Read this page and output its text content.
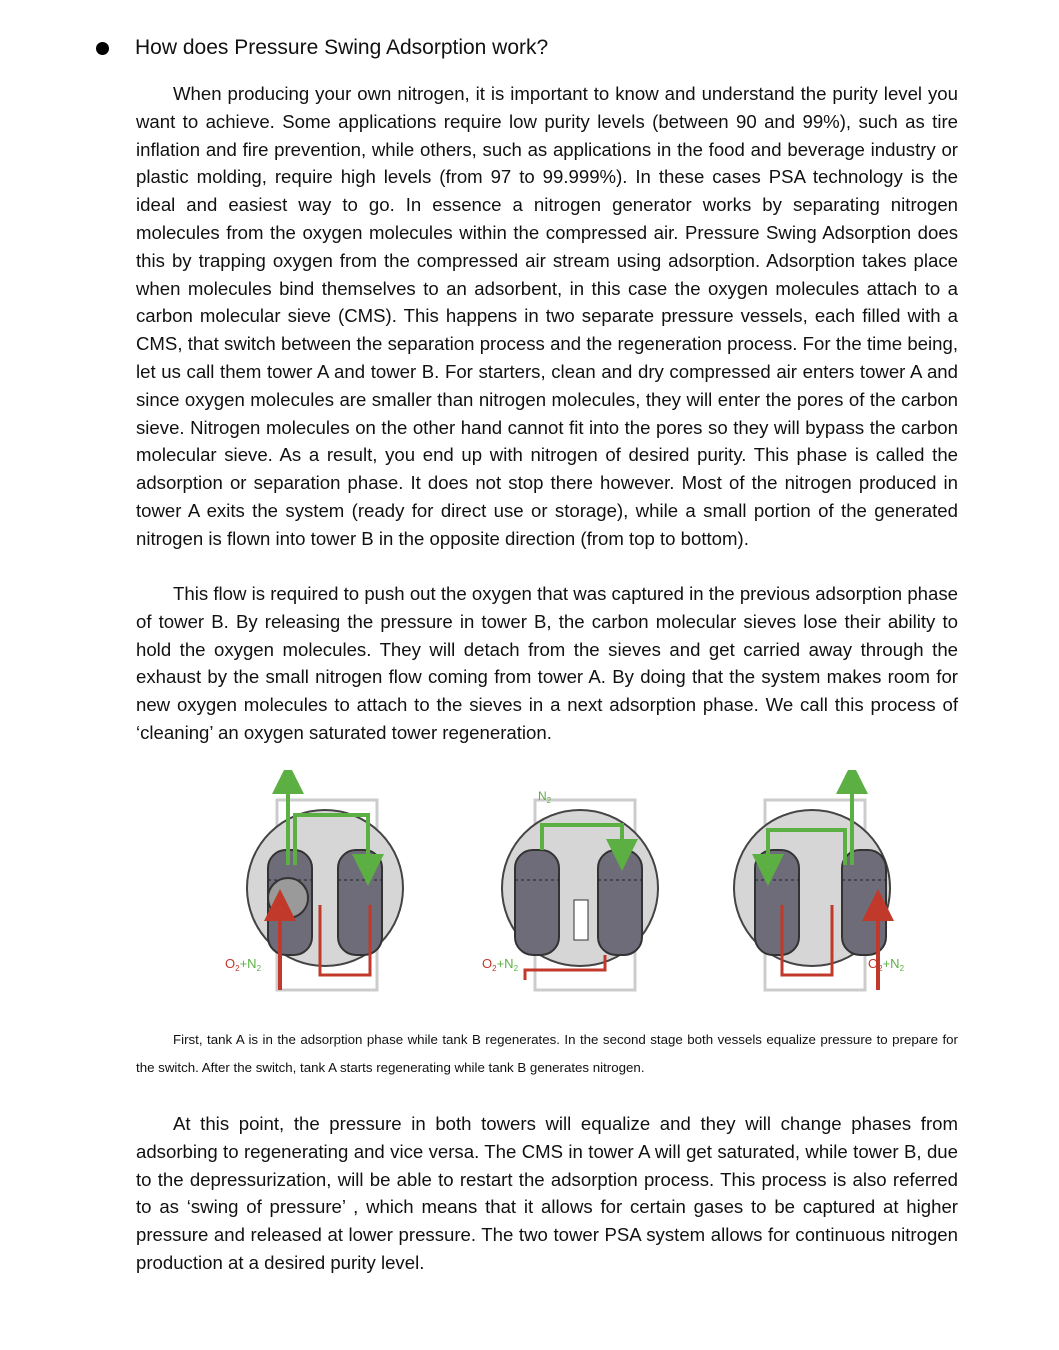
How does Pressure Swing Adsorption work?

When producing your own nitrogen, it is important to know and understand the purity level you want to achieve. Some applications require low purity levels (between 90 and 99%), such as tire inflation and fire prevention, while others, such as applications in the food and beverage industry or plastic molding, require high levels (from 97 to 99.999%). In these cases PSA technology is the ideal and easiest way to go. In essence a nitrogen generator works by separating nitrogen molecules from the oxygen molecules within the compressed air. Pressure Swing Adsorption does this by trapping oxygen from the compressed air stream using adsorption. Adsorption takes place when molecules bind themselves to an adsorbent, in this case the oxygen molecules attach to a carbon molecular sieve (CMS). This happens in two separate pressure vessels, each filled with a CMS, that switch between the separation process and the regeneration process. For the time being, let us call them tower A and tower B. For starters, clean and dry compressed air enters tower A and since oxygen molecules are smaller than nitrogen molecules, they will enter the pores of the carbon sieve. Nitrogen molecules on the other hand cannot fit into the pores so they will bypass the carbon molecular sieve. As a result, you end up with nitrogen of desired purity. This phase is called the adsorption or separation phase. It does not stop there however. Most of the nitrogen produced in tower A exits the system (ready for direct use or storage), while a small portion of the generated nitrogen is flown into tower B in the opposite direction (from top to bottom).

This flow is required to push out the oxygen that was captured in the previous adsorption phase of tower B. By releasing the pressure in tower B, the carbon molecular sieves lose their ability to hold the oxygen molecules. They will detach from the sieves and get carried away through the exhaust by the small nitrogen flow coming from tower A. By doing that the system makes room for new oxygen molecules to attach to the sieves in a next adsorption phase. We call this process of ‘cleaning’ an oxygen saturated tower regeneration.

$N_2$
$O_2+N_2$
$N_2$
$O_2+N_2$
$N_2$
$O_2+N_2$

First, tank A is in the adsorption phase while tank B regenerates. In the second stage both vessels equalize pressure to prepare for the switch. After the switch, tank A starts regenerating while tank B generates nitrogen.

At this point, the pressure in both towers will equalize and they will change phases from adsorbing to regenerating and vice versa. The CMS in tower A will get saturated, while tower B, due to the depressurization, will be able to restart the adsorption process. This process is also referred to as ‘swing of pressure’ , which means that it allows for certain gases to be captured at higher pressure and released at lower pressure. The two tower PSA system allows for continuous nitrogen production at a desired purity level.
